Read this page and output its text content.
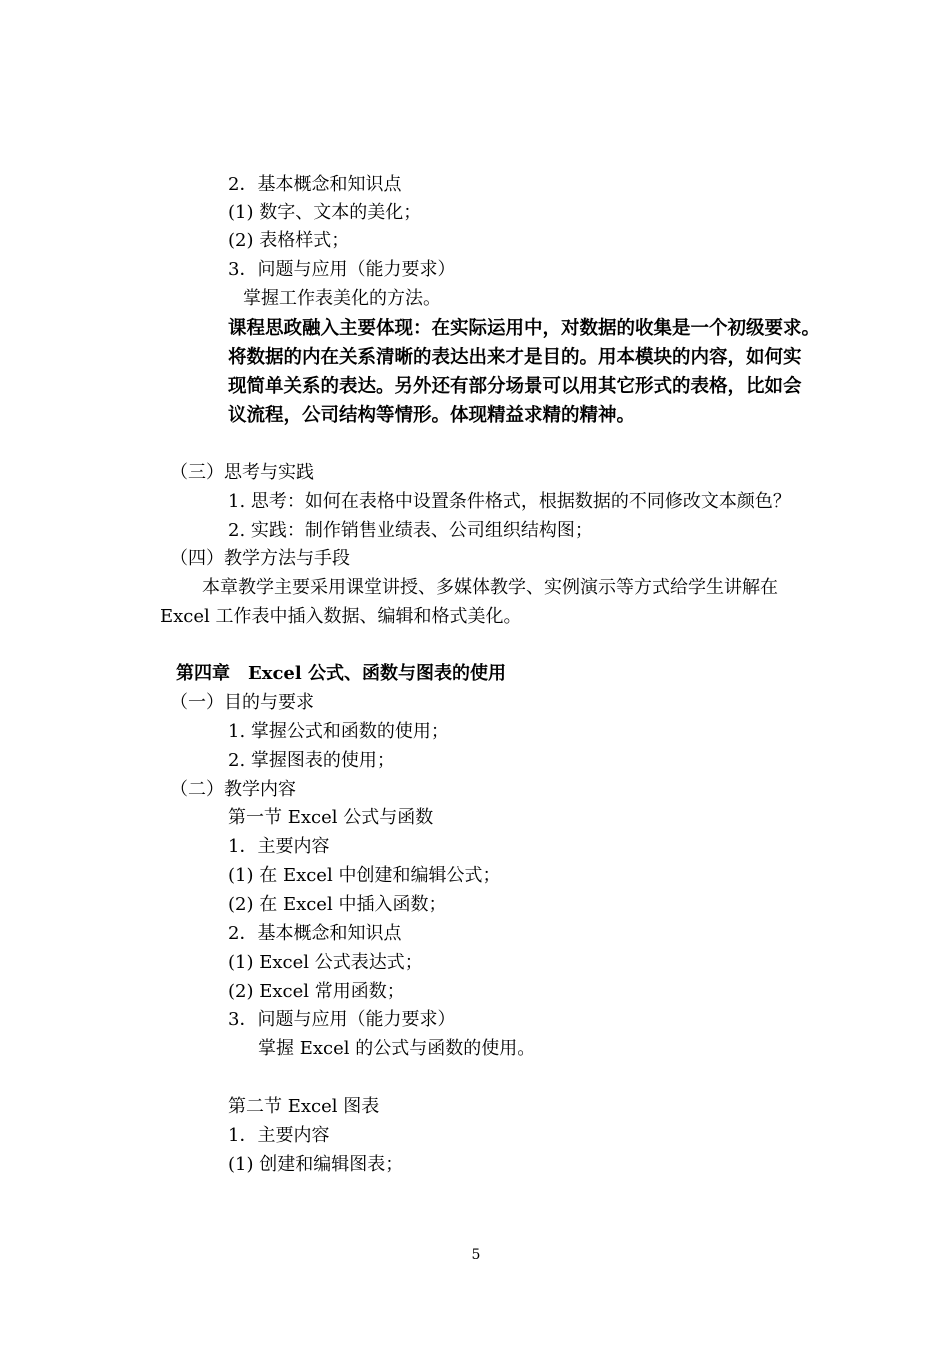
2．基本概念和知识点
(1) 数字、文本的美化；
(2) 表格样式；
3．问题与应用（能力要求）
掌握工作表美化的方法。
课程思政融入主要体现：在实际运用中，对数据的收集是一个初级要求。
将数据的内在关系清晰的表达出来才是目的。用本模块的内容，如何实
现简单关系的表达。另外还有部分场景可以用其它形式的表格，比如会
议流程，公司结构等情形。体现精益求精的精神。
（三）思考与实践
1. 思考：如何在表格中设置条件格式，根据数据的不同修改文本颜色？
2. 实践：制作销售业绩表、公司组织结构图；
（四）教学方法与手段
本章教学主要采用课堂讲授、多媒体教学、实例演示等方式给学生讲解在
Excel 工作表中插入数据、编辑和格式美化。
第四章　Excel 公式、函数与图表的使用
（一）目的与要求
1. 掌握公式和函数的使用；
2. 掌握图表的使用；
（二）教学内容
第一节 Excel 公式与函数
1．主要内容
(1) 在 Excel 中创建和编辑公式；
(2) 在 Excel 中插入函数；
2．基本概念和知识点
(1) Excel 公式表达式；
(2) Excel 常用函数；
3．问题与应用（能力要求）
掌握 Excel 的公式与函数的使用。
第二节 Excel 图表
1．主要内容
(1) 创建和编辑图表；
5
